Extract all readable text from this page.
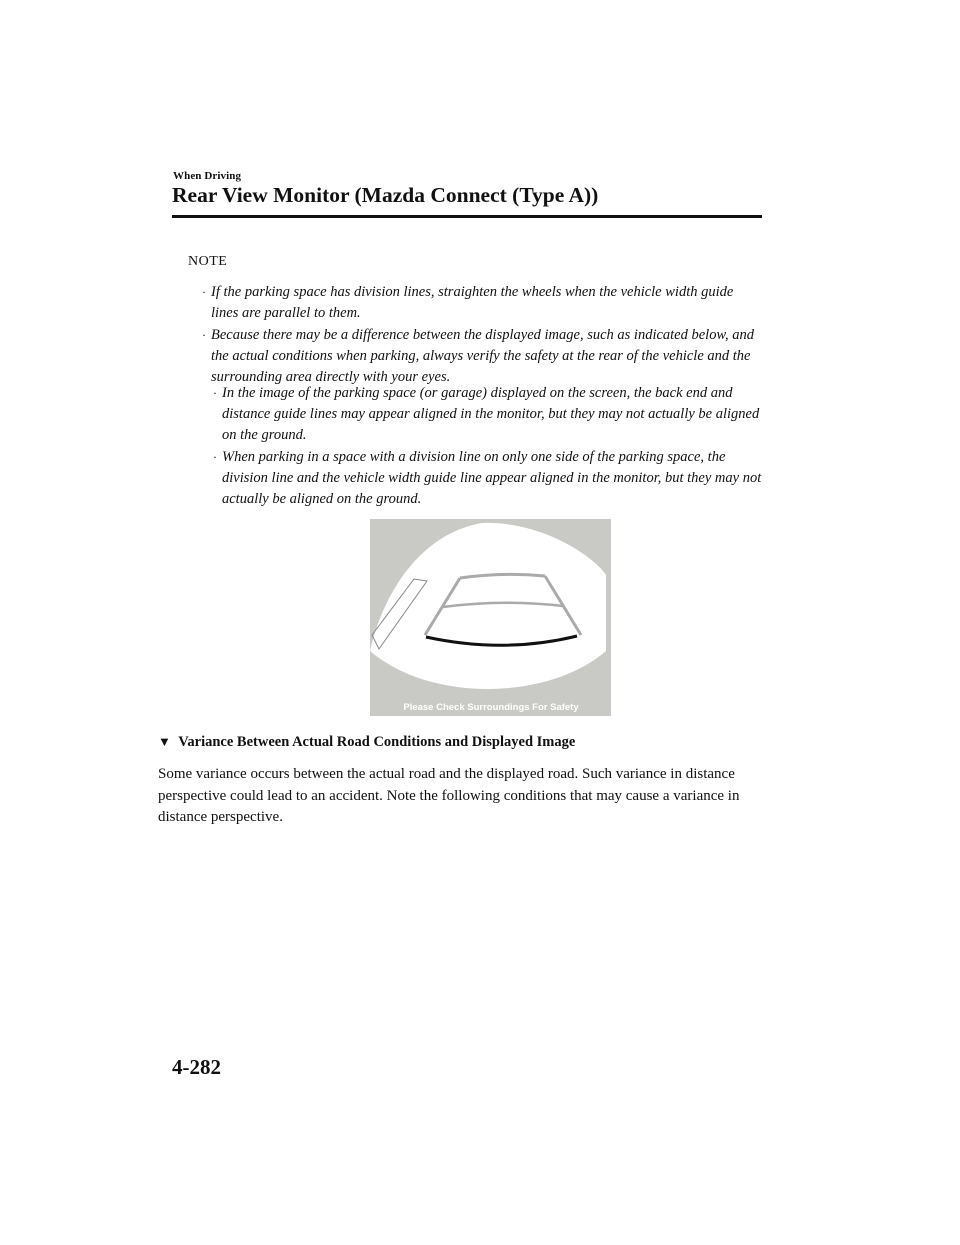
When Driving
Rear View Monitor (Mazda Connect (Type A))
NOTE
· If the parking space has division lines, straighten the wheels when the vehicle width guide lines are parallel to them.
· Because there may be a difference between the displayed image, such as indicated below, and the actual conditions when parking, always verify the safety at the rear of the vehicle and the surrounding area directly with your eyes.
· In the image of the parking space (or garage) displayed on the screen, the back end and distance guide lines may appear aligned in the monitor, but they may not actually be aligned on the ground.
· When parking in a space with a division line on only one side of the parking space, the division line and the vehicle width guide line appear aligned in the monitor, but they may not actually be aligned on the ground.
Please Check Surroundings For Safety
▼ Variance Between Actual Road Conditions and Displayed Image
Some variance occurs between the actual road and the displayed road. Such variance in distance perspective could lead to an accident. Note the following conditions that may cause a variance in distance perspective.
4-282
